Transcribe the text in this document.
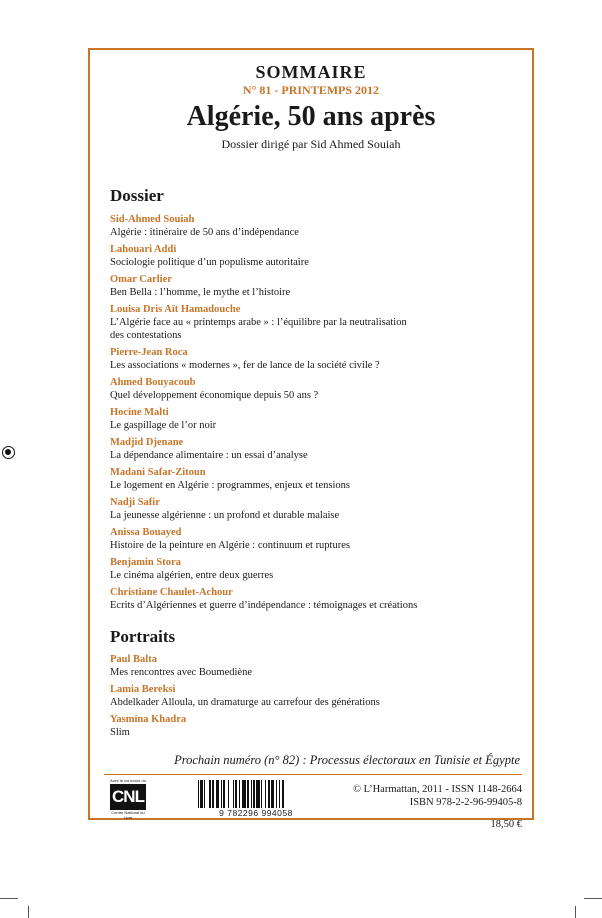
SOMMAIRE
N° 81 - PRINTEMPS 2012
Algérie, 50 ans après
Dossier dirigé par Sid Ahmed Souiah
Dossier
Sid-Ahmed Souiah
Algérie : itinéraire de 50 ans d’indépendance
Lahouari Addi
Sociologie politique d’un populisme autoritaire
Omar Carlier
Ben Bella : l’homme, le mythe et l’histoire
Louisa Dris Aït Hamadouche
L’Algérie face au « printemps arabe » : l’équilibre par la neutralisation
des contestations
Pierre-Jean Roca
Les associations « modernes », fer de lance de la société civile ?
Ahmed Bouyacoub
Quel développement économique depuis 50 ans ?
Hocine Malti
Le gaspillage de l’or noir
Madjid Djenane
La dépendance alimentaire : un essai d’analyse
Madani Safar-Zitoun
Le logement en Algérie : programmes, enjeux et tensions
Nadji Safir
La jeunesse algérienne : un profond et durable malaise
Anissa Bouayed
Histoire de la peinture en Algérie : continuum et ruptures
Benjamin Stora
Le cinéma algérien, entre deux guerres
Christiane Chaulet-Achour
Ecrits d’Algériennes et guerre d’indépendance : témoignages et créations
Portraits
Paul Balta
Mes rencontres avec Boumediène
Lamia Bereksi
Abdelkader Alloula, un dramaturge au carrefour des générations
Yasmina Khadra
Slim
Prochain numéro (n° 82) : Processus électoraux en Tunisie et Égypte
Avec le concours du
CNL
Centre National du Livre	9 782296 994058
© L’Harmattan, 2011 - ISSN 1148-2664
ISBN 978-2-2-96-99405-8
18,50 €
